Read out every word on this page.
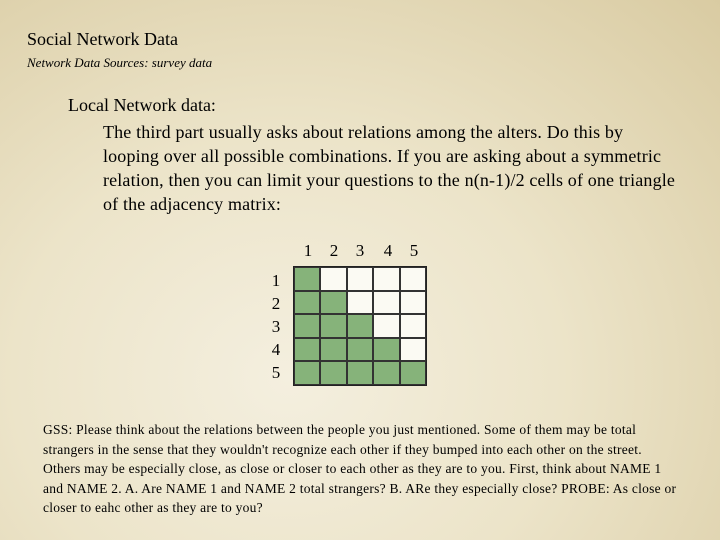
Social Network Data
Network Data Sources: survey data
Local Network data:
The third part usually asks about relations among the alters. Do this by looping over all possible combinations. If you are asking about a symmetric relation, then you can limit your questions to the n(n-1)/2 cells of one triangle of the adjacency matrix:
1	2	3	4	5
1
2
3
4
5
GSS: Please think about the relations between the people you just mentioned. Some of them may be total strangers in the sense that they wouldn't recognize each other if they bumped into each other on the street. Others may be especially close, as close or closer to each other as they are to you. First, think about NAME 1 and NAME 2. A. Are NAME 1 and NAME 2 total strangers? B. ARe they especially close? PROBE: As close or closer to eahc other as they are to you?
